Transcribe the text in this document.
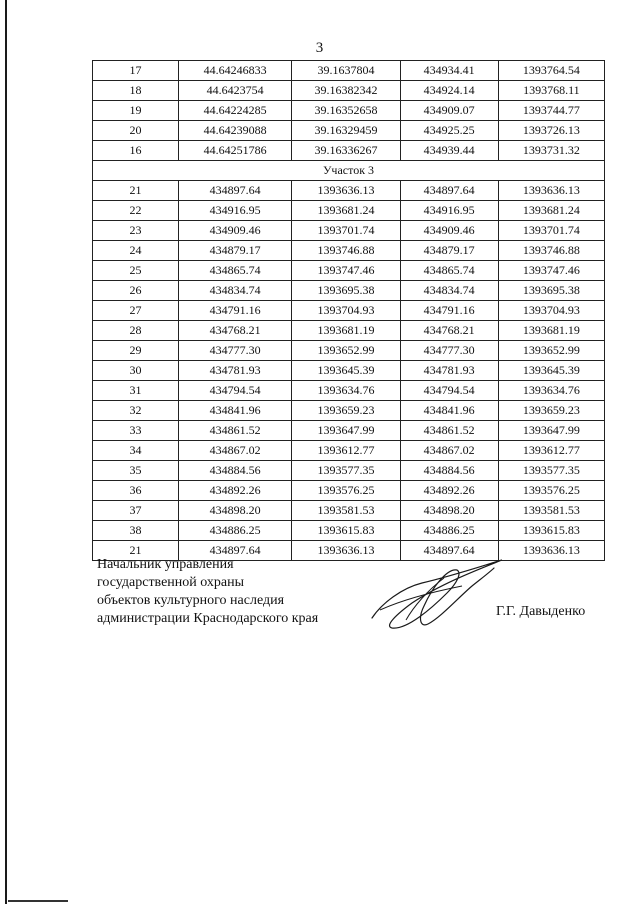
3
17	44.64246833	39.1637804	434934.41	1393764.54
18	44.6423754	39.16382342	434924.14	1393768.11
19	44.64224285	39.16352658	434909.07	1393744.77
20	44.64239088	39.16329459	434925.25	1393726.13
16	44.64251786	39.16336267	434939.44	1393731.32
Участок 3				
21	434897.64	1393636.13	434897.64	1393636.13
22	434916.95	1393681.24	434916.95	1393681.24
23	434909.46	1393701.74	434909.46	1393701.74
24	434879.17	1393746.88	434879.17	1393746.88
25	434865.74	1393747.46	434865.74	1393747.46
26	434834.74	1393695.38	434834.74	1393695.38
27	434791.16	1393704.93	434791.16	1393704.93
28	434768.21	1393681.19	434768.21	1393681.19
29	434777.30	1393652.99	434777.30	1393652.99
30	434781.93	1393645.39	434781.93	1393645.39
31	434794.54	1393634.76	434794.54	1393634.76
32	434841.96	1393659.23	434841.96	1393659.23
33	434861.52	1393647.99	434861.52	1393647.99
34	434867.02	1393612.77	434867.02	1393612.77
35	434884.56	1393577.35	434884.56	1393577.35
36	434892.26	1393576.25	434892.26	1393576.25
37	434898.20	1393581.53	434898.20	1393581.53
38	434886.25	1393615.83	434886.25	1393615.83
21	434897.64	1393636.13	434897.64	1393636.13
Начальник управления
государственной охраны
объектов культурного наследия
администрации Краснодарского края	Г.Г. Давыденко
